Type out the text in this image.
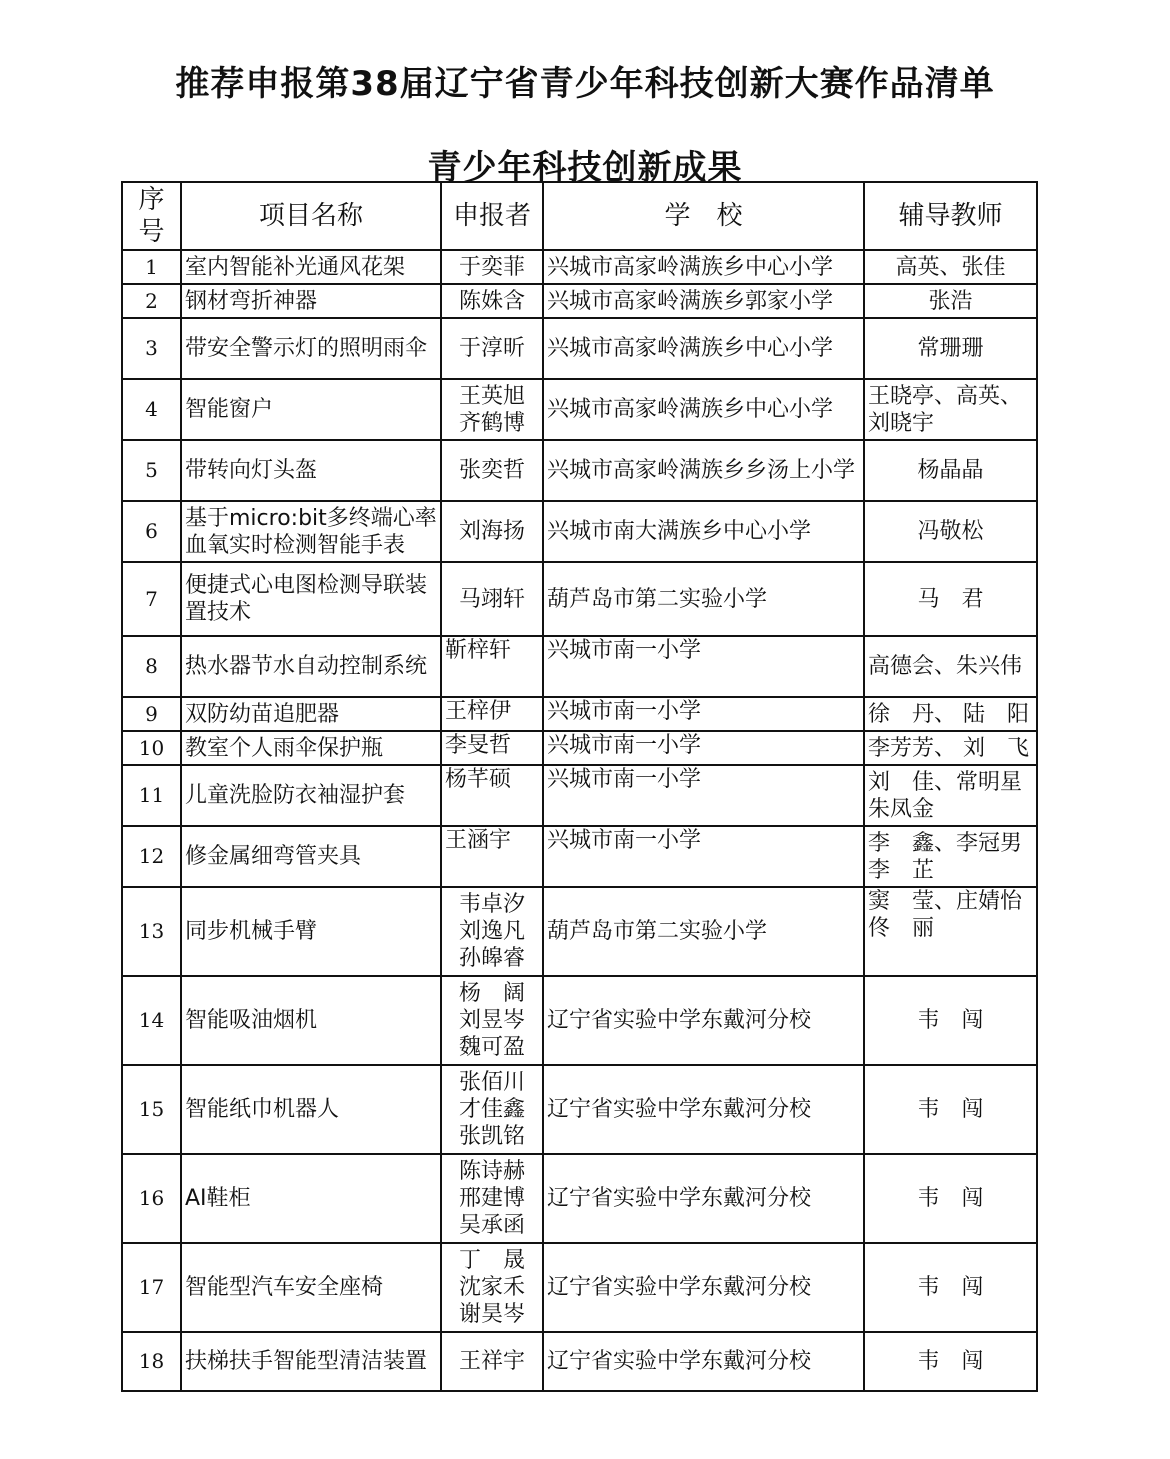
推荐申报第38届辽宁省青少年科技创新大赛作品清单
青少年科技创新成果
序
号	项目名称	申报者	学　校	辅导教师
1	室内智能补光通风花架	于奕菲	兴城市高家岭满族乡中心小学	高英、张佳

2	钢材弯折神器	陈姝含	兴城市高家岭满族乡郭家小学	张浩

3	带安全警示灯的照明雨伞	于淳昕	兴城市高家岭满族乡中心小学	常珊珊

4	智能窗户	王英旭
齐鹤博	兴城市高家岭满族乡中心小学	王晓亭、高英、
刘晓宇

5	带转向灯头盔	张奕哲	兴城市高家岭满族乡乡汤上小学	杨晶晶

6	基于micro:bit多终端心率血氧实时检测智能手表	刘海扬	兴城市南大满族乡中心小学	冯敬松

7	便捷式心电图检测导联装置技术	马翊轩	葫芦岛市第二实验小学	马　君

8	热水器节水自动控制系统	靳梓轩	兴城市南一小学	高德会、朱兴伟

9	双防幼苗追肥器	王梓伊	兴城市南一小学	徐　丹、 陆　阳

10	教室个人雨伞保护瓶	李旻哲	兴城市南一小学	李芳芳、 刘　飞

11	儿童洗脸防衣袖湿护套	杨芊硕	兴城市南一小学	刘　佳、常明星
朱凤金

12	修金属细弯管夹具	王涵宇	兴城市南一小学	李　鑫、李冠男
李　芷

13	同步机械手臂	韦卓汐
刘逸凡
孙皞睿	葫芦岛市第二实验小学	窦　莹、庄婧怡
佟　丽

14	智能吸油烟机	杨　阔
刘昱岑
魏可盈	辽宁省实验中学东戴河分校	韦　闯

15	智能纸巾机器人	张佰川
才佳鑫
张凯铭	辽宁省实验中学东戴河分校	韦　闯

16	AI鞋柜	陈诗赫
邢建博
吴承函	辽宁省实验中学东戴河分校	韦　闯

17	智能型汽车安全座椅	丁　晟
沈家禾
谢昊岑	辽宁省实验中学东戴河分校	韦　闯

18	扶梯扶手智能型清洁装置	王祥宇	辽宁省实验中学东戴河分校	韦　闯
